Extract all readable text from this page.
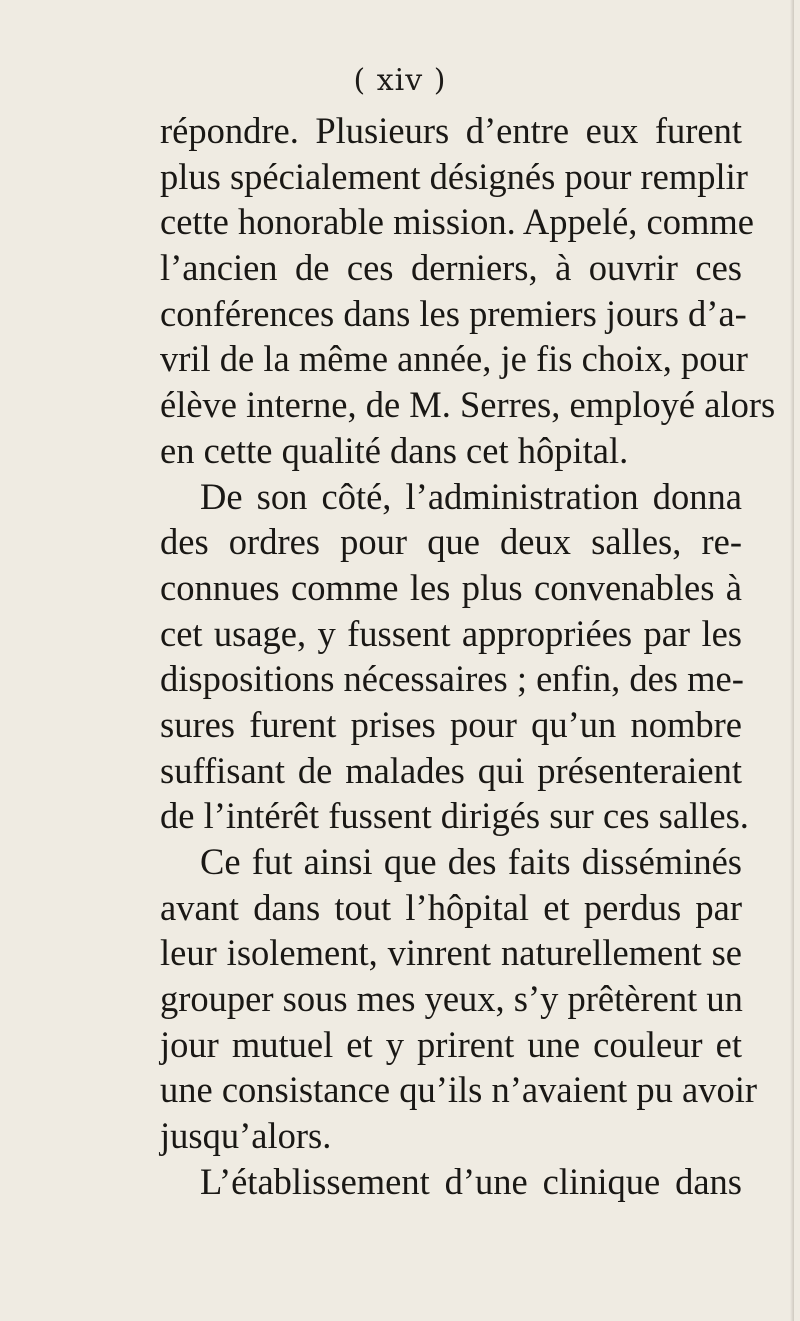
( xiv )
répondre. Plusieurs d’entre eux furent
plus spécialement désignés pour remplir
cette honorable mission. Appelé, comme
l’ancien de ces derniers, à ouvrir ces
conférences dans les premiers jours d’a-
vril de la même année, je fis choix, pour
élève interne, de M. Serres, employé alors
en cette qualité dans cet hôpital.
De son côté, l’administration donna
des ordres pour que deux salles, re-
connues comme les plus convenables à
cet usage, y fussent appropriées par les
dispositions nécessaires ; enfin, des me-
sures furent prises pour qu’un nombre
suffisant de malades qui présenteraient
de l’intérêt fussent dirigés sur ces salles.
Ce fut ainsi que des faits disséminés
avant dans tout l’hôpital et perdus par
leur isolement, vinrent naturellement se
grouper sous mes yeux, s’y prêtèrent un
jour mutuel et y prirent une couleur et
une consistance qu’ils n’avaient pu avoir
jusqu’alors.
L’établissement d’une clinique dans
